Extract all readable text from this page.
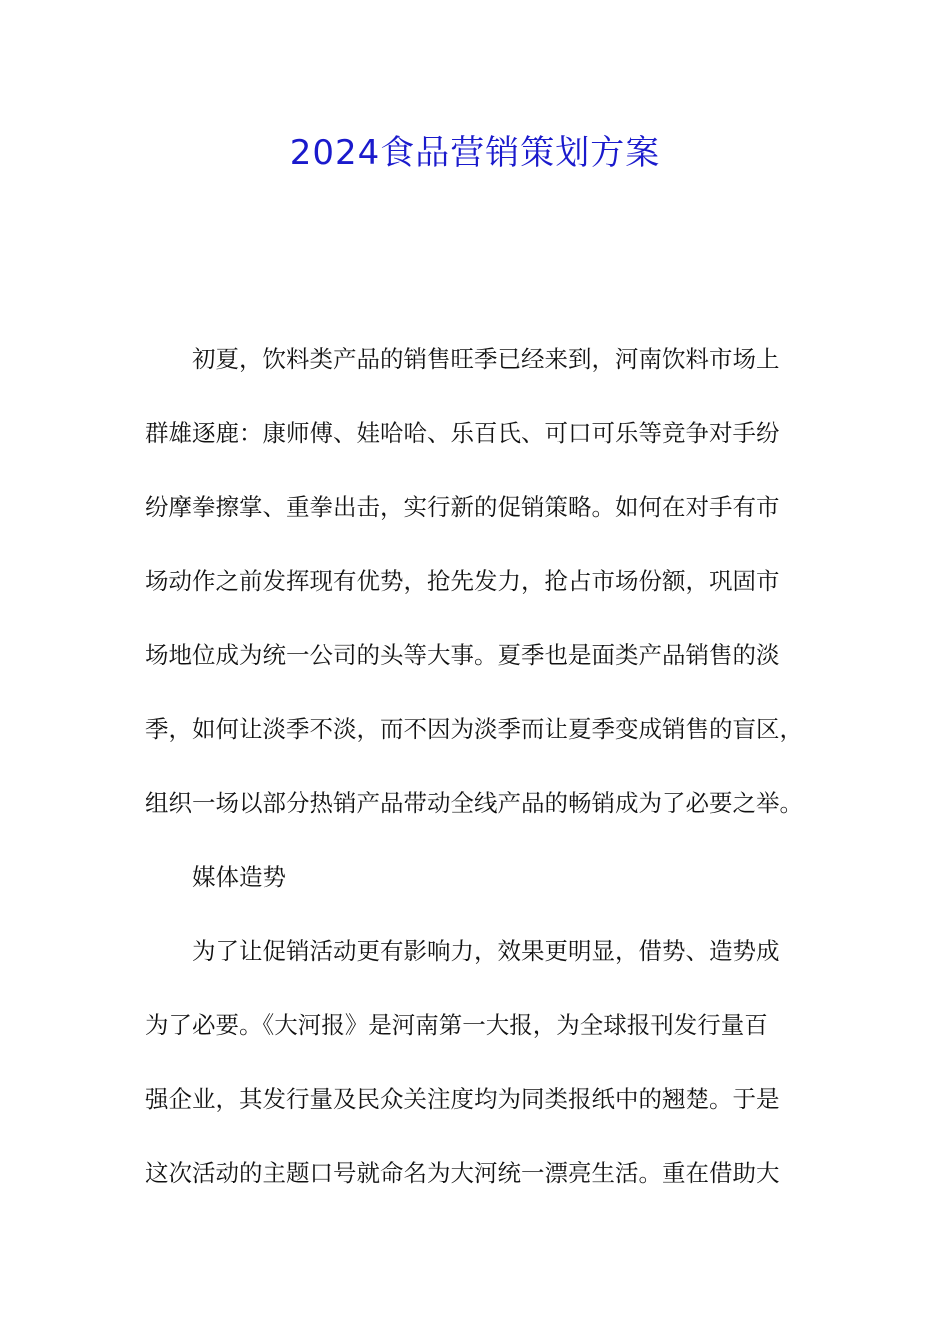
2024食品营销策划方案
初夏，饮料类产品的销售旺季已经来到，河南饮料市场上
群雄逐鹿：康师傅、娃哈哈、乐百氏、可口可乐等竞争对手纷
纷摩拳擦掌、重拳出击，实行新的促销策略。如何在对手有市
场动作之前发挥现有优势，抢先发力，抢占市场份额，巩固市
场地位成为统一公司的头等大事。夏季也是面类产品销售的淡
季，如何让淡季不淡，而不因为淡季而让夏季变成销售的盲区，
组织一场以部分热销产品带动全线产品的畅销成为了必要之举。
媒体造势
为了让促销活动更有影响力，效果更明显，借势、造势成
为了必要。《大河报》是河南第一大报，为全球报刊发行量百
强企业，其发行量及民众关注度均为同类报纸中的翘楚。于是
这次活动的主题口号就命名为大河统一漂亮生活。重在借助大
